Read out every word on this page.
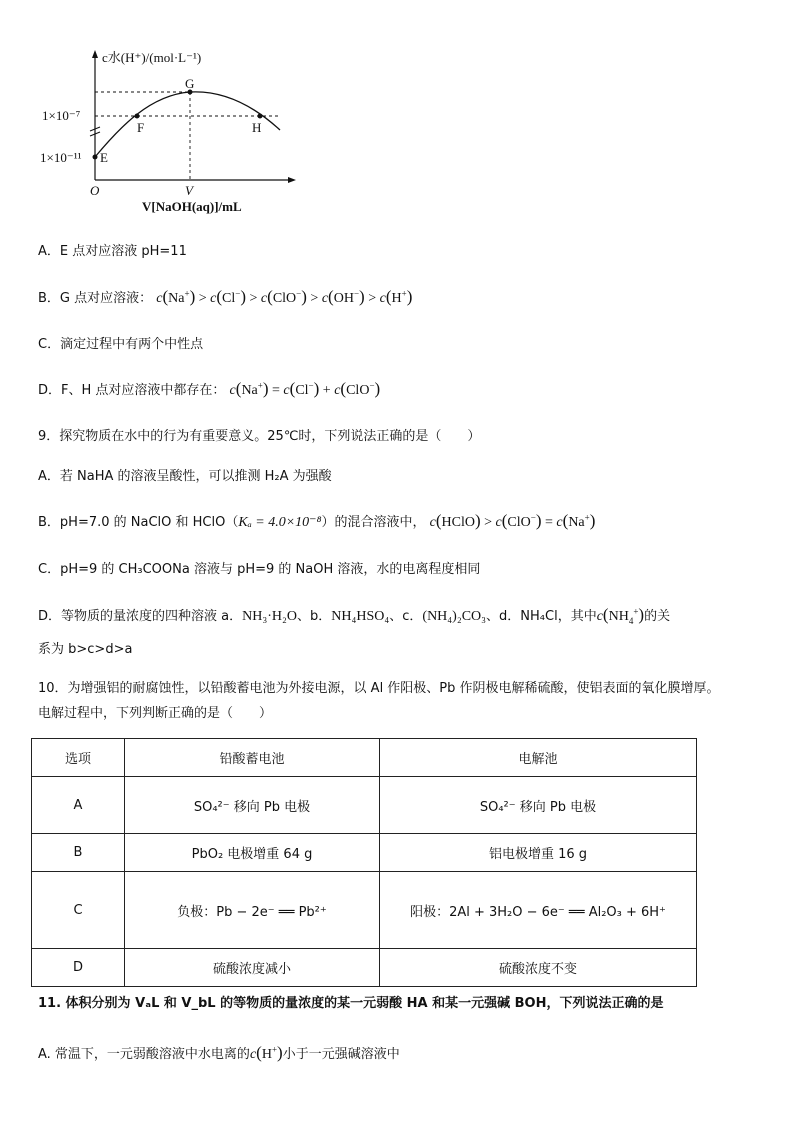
c水(H⁺)/(mol·L⁻¹)
1×10⁻⁷
1×10⁻¹¹
O	V
V[NaOH(aq)]/mL
E
F
G
H
A．E 点对应溶液 pH=11
B．G 点对应溶液： c(Na+) > c(Cl−) > c(ClO−) > c(OH−) > c(H+)
C．滴定过程中有两个中性点
D．F、H 点对应溶液中都存在： c(Na+) = c(Cl−) + c(ClO−)
9．探究物质在水中的行为有重要意义。25℃时，下列说法正确的是（　　）
A．若 NaHA 的溶液呈酸性，可以推测 H₂A 为强酸
B．pH=7.0 的 NaClO 和 HClO（Kₐ = 4.0×10⁻⁸）的混合溶液中， c(HClO) > c(ClO−) = c(Na+)
C．pH=9 的 CH₃COONa 溶液与 pH=9 的 NaOH 溶液，水的电离程度相同
D．等物质的量浓度的四种溶液 a．NH₃·H₂O、b．NH₄HSO₄、c．(NH₄)₂CO₃、d．NH₄Cl，其中$c(NH_4^+)$的关
系为 b>c>d>a
10．为增强铝的耐腐蚀性，以铅酸蓄电池为外接电源，以 Al 作阳极、Pb 作阴极电解稀硫酸，使铝表面的氧化膜增厚。
电解过程中，下列判断正确的是（　　）
选项	铅酸蓄电池	电解池
A	SO₄²⁻ 移向 Pb 电极	SO₄²⁻ 移向 Pb 电极
B	PbO₂ 电极增重 64 g	铝电极增重 16 g
C	负极：Pb − 2e⁻ ══ Pb²⁺	阳极：2Al + 3H₂O − 6e⁻ ══ Al₂O₃ + 6H⁺
D	硫酸浓度减小	硫酸浓度不变
11. 体积分别为 VₐL 和 V_bL 的等物质的量浓度的某一元弱酸 HA 和某一元强碱 BOH，下列说法正确的是
A. 常温下，一元弱酸溶液中水电离的c(H+)小于一元强碱溶液中
